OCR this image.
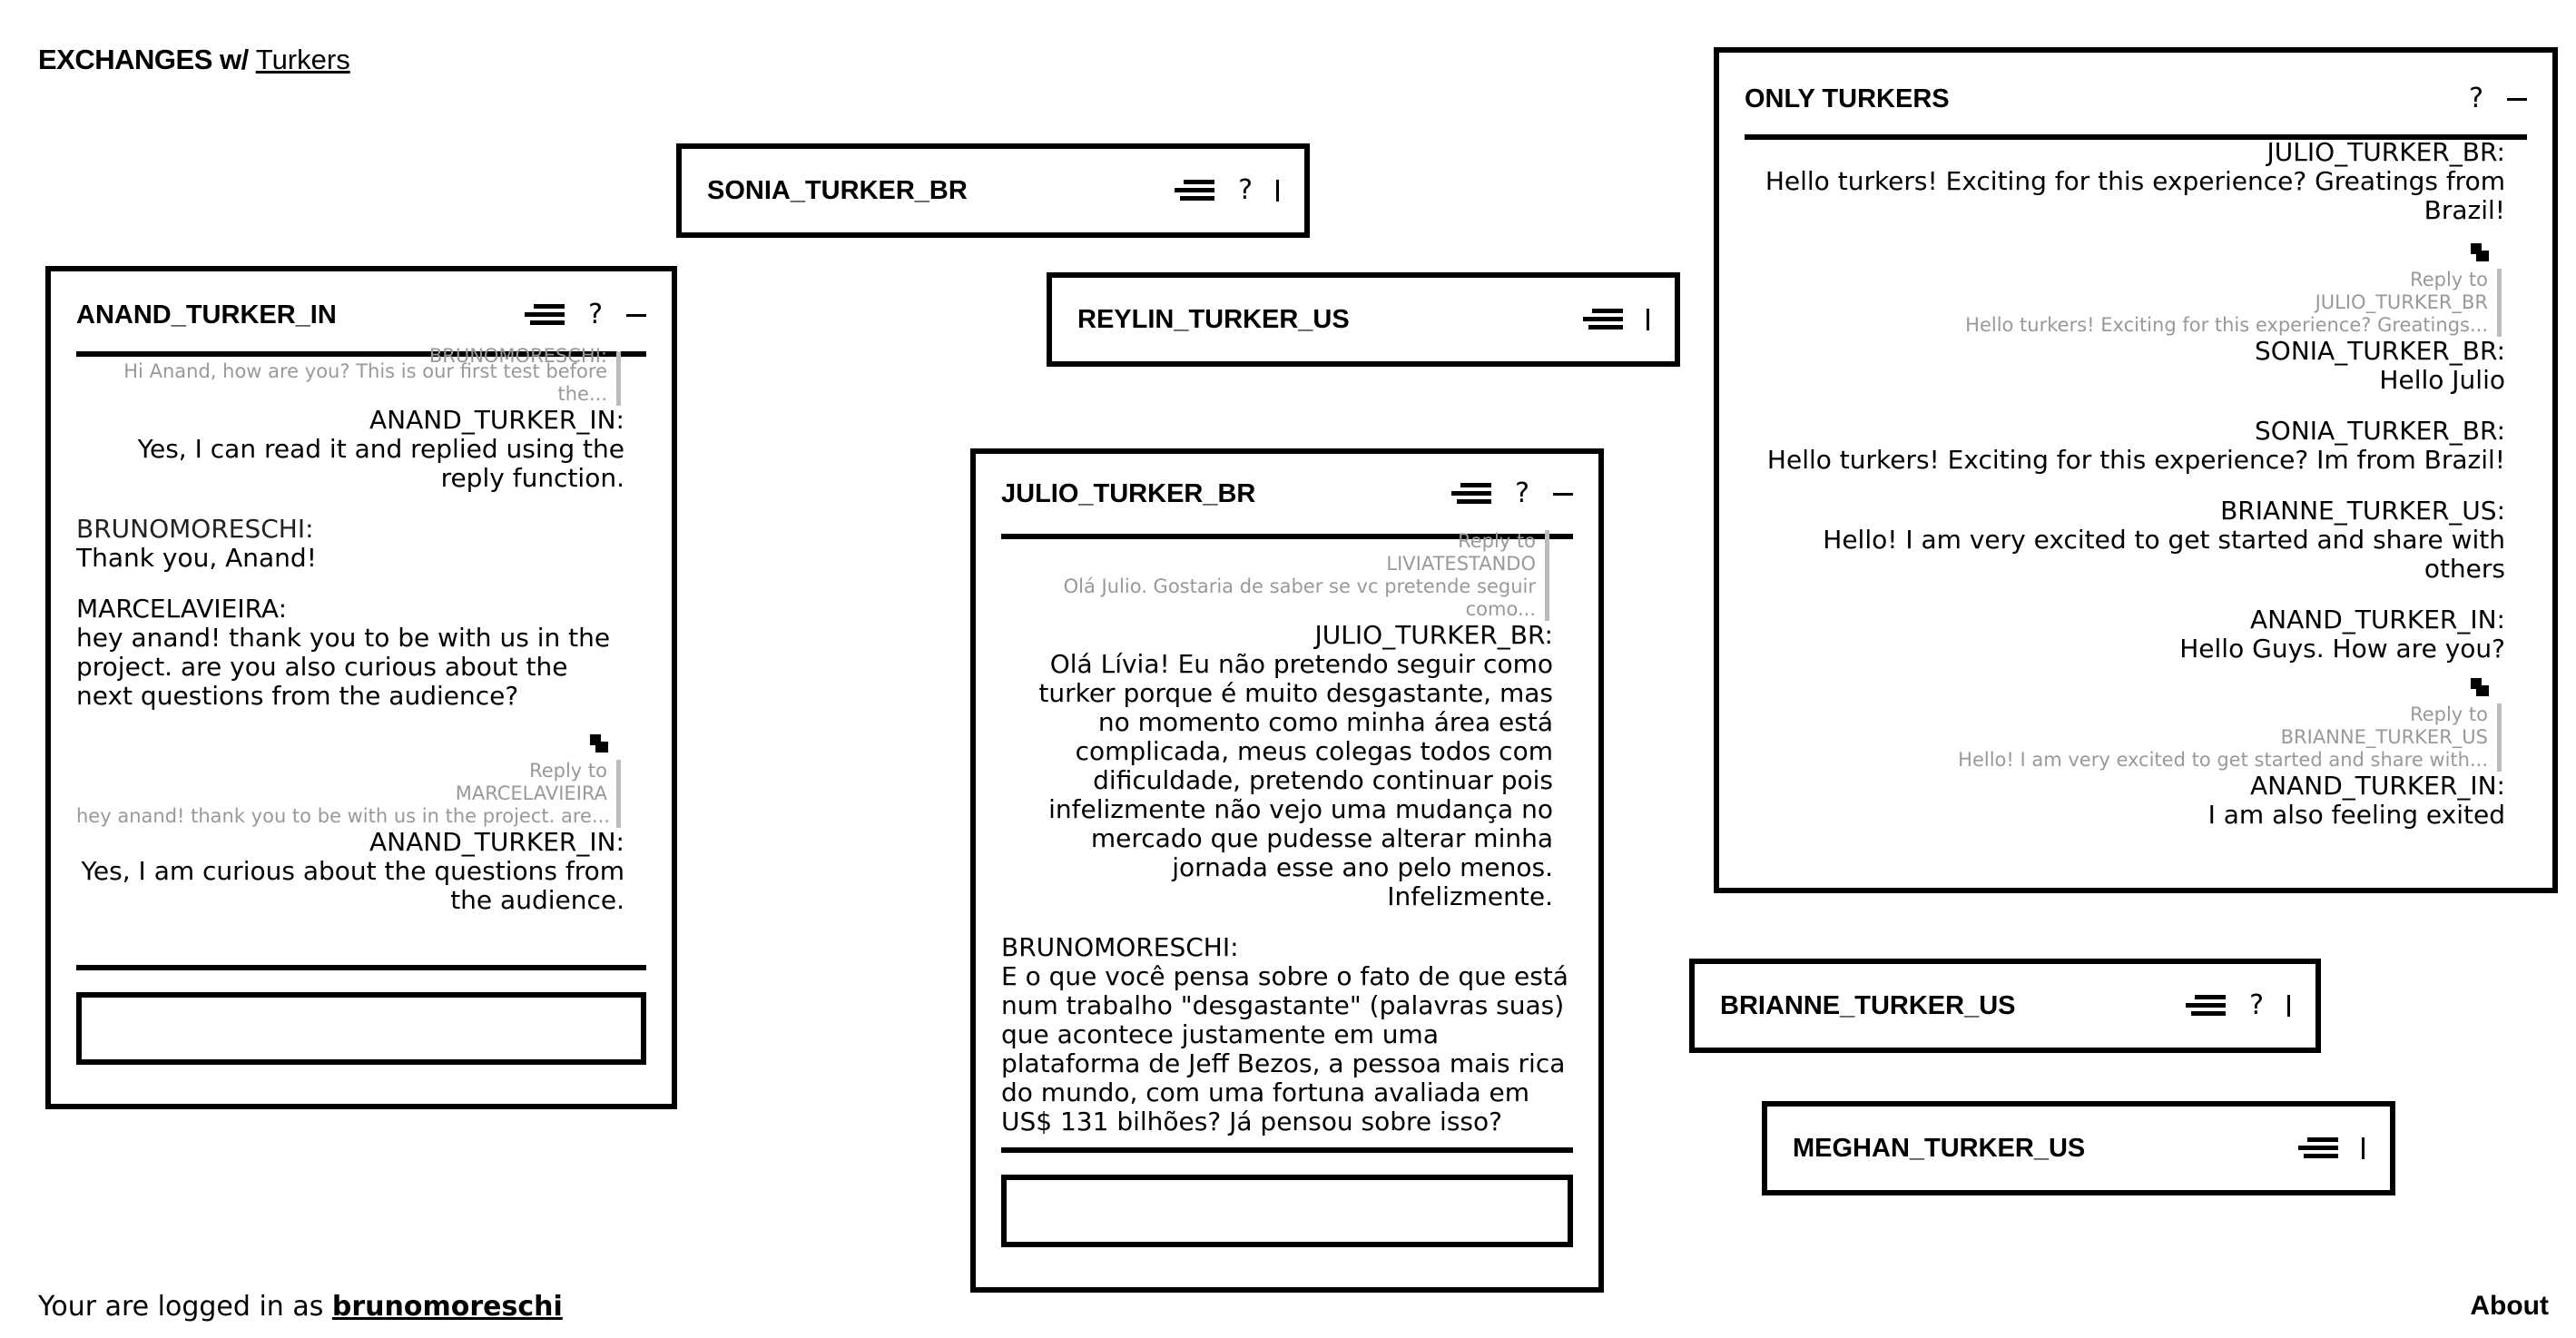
EXCHANGES w/ Turkers
ANAND_TURKER_IN	?
BRUNOMORESCHI:
Hi Anand, how are you? This is our first test before the...
ANAND_TURKER_IN:
Yes, I can read it and replied using the reply function.
BRUNOMORESCHI:
Thank you, Anand!
MARCELAVIEIRA:
hey anand! thank you to be with us in the project. are you also curious about the next questions from the audience?
Reply to
MARCELAVIEIRA
hey anand! thank you to be with us in the project. are...
ANAND_TURKER_IN:
Yes, I am curious about the questions from the audience.
SONIA_TURKER_BR	?
REYLIN_TURKER_US
JULIO_TURKER_BR	?
Reply to
LIVIATESTANDO
Olá Julio. Gostaria de saber se vc pretende seguir como...
JULIO_TURKER_BR:
Olá Lívia! Eu não pretendo seguir como turker porque é muito desgastante, mas no momento como minha área está complicada, meus colegas todos com dificuldade, pretendo continuar pois infelizmente não vejo uma mudança no mercado que pudesse alterar minha jornada esse ano pelo menos. Infelizmente.
BRUNOMORESCHI:
E o que você pensa sobre o fato de que está num trabalho "desgastante" (palavras suas) que acontece justamente em uma plataforma de Jeff Bezos, a pessoa mais rica do mundo, com uma fortuna avaliada em US$ 131 bilhões? Já pensou sobre isso?
ONLY TURKERS	?
JULIO_TURKER_BR:
Hello turkers! Exciting for this experience? Greatings from Brazil!
Reply to
JULIO_TURKER_BR
Hello turkers! Exciting for this experience? Greatings...
SONIA_TURKER_BR:
Hello Julio
SONIA_TURKER_BR:
Hello turkers! Exciting for this experience? Im from Brazil!
BRIANNE_TURKER_US:
Hello! I am very excited to get started and share with others
ANAND_TURKER_IN:
Hello Guys. How are you?
Reply to
BRIANNE_TURKER_US
Hello! I am very excited to get started and share with...
ANAND_TURKER_IN:
I am also feeling exited
BRIANNE_TURKER_US	?
MEGHAN_TURKER_US
Your are logged in as brunomoreschi	About
